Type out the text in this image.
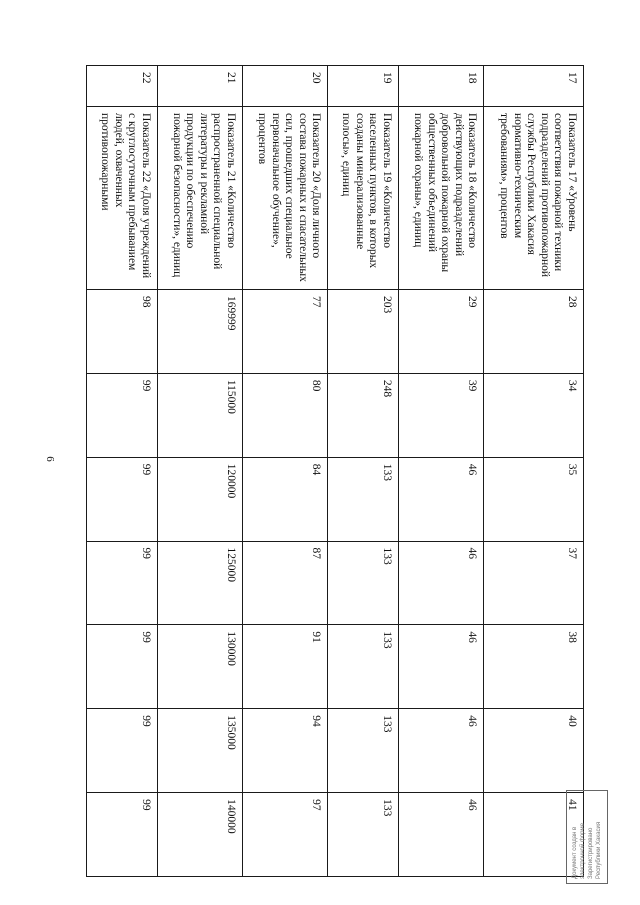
6
17	Показатель 17 «Уровень соответствия пожарной техники подразделений противопожарной службы Республики Хакасия нормативно-техническим требованиям», процентов	28	34	35	37	38	40	41
18	Показатель 18 «Количество действующих подразделений добровольной пожарной охраны общественных объединений пожарной охраны», единиц	29	39	46	46	46	46	46
19	Показатель 19 «Количество населенных пунктов, в которых созданы минерализованные полосы», единиц	203	248	133	133	133	133	133
20	Показатель 20 «Доля личного состава пожарных и спасательных сил, прошедших специальное первоначальное обучение», процентов	77	80	84	87	91	94	97
21	Показатель 21 «Количество распространенной специальной литературы и рекламной продукции по обеспечению пожарной безопасности», единиц	169999	115000	120000	125000	130000	135000	140000
22	Показатель 22 «Доля учреждений с круглосуточным пребыванием людей, охваченных противопожарными	98	99	99	99	99	99	99
Документ создан в электронной форме Зарегистрировано Республики Хакасия
